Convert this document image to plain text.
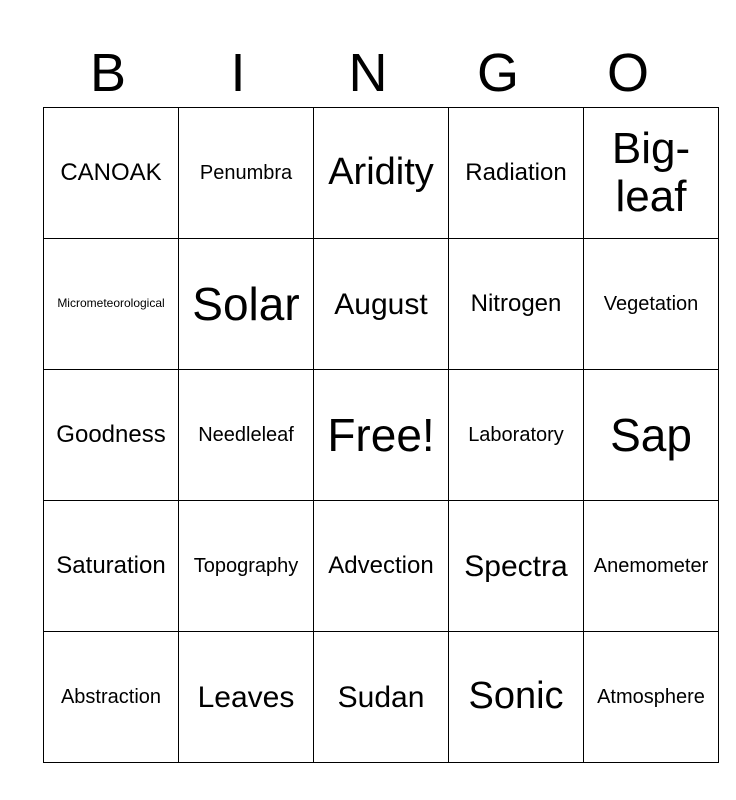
B	I	N	G	O
CANOAK	Penumbra	Aridity	Radiation	Big-leaf
Micrometeorological	Solar	August	Nitrogen	Vegetation
Goodness	Needleleaf	Free!	Laboratory	Sap
Saturation	Topography	Advection	Spectra	Anemometer
Abstraction	Leaves	Sudan	Sonic	Atmosphere
